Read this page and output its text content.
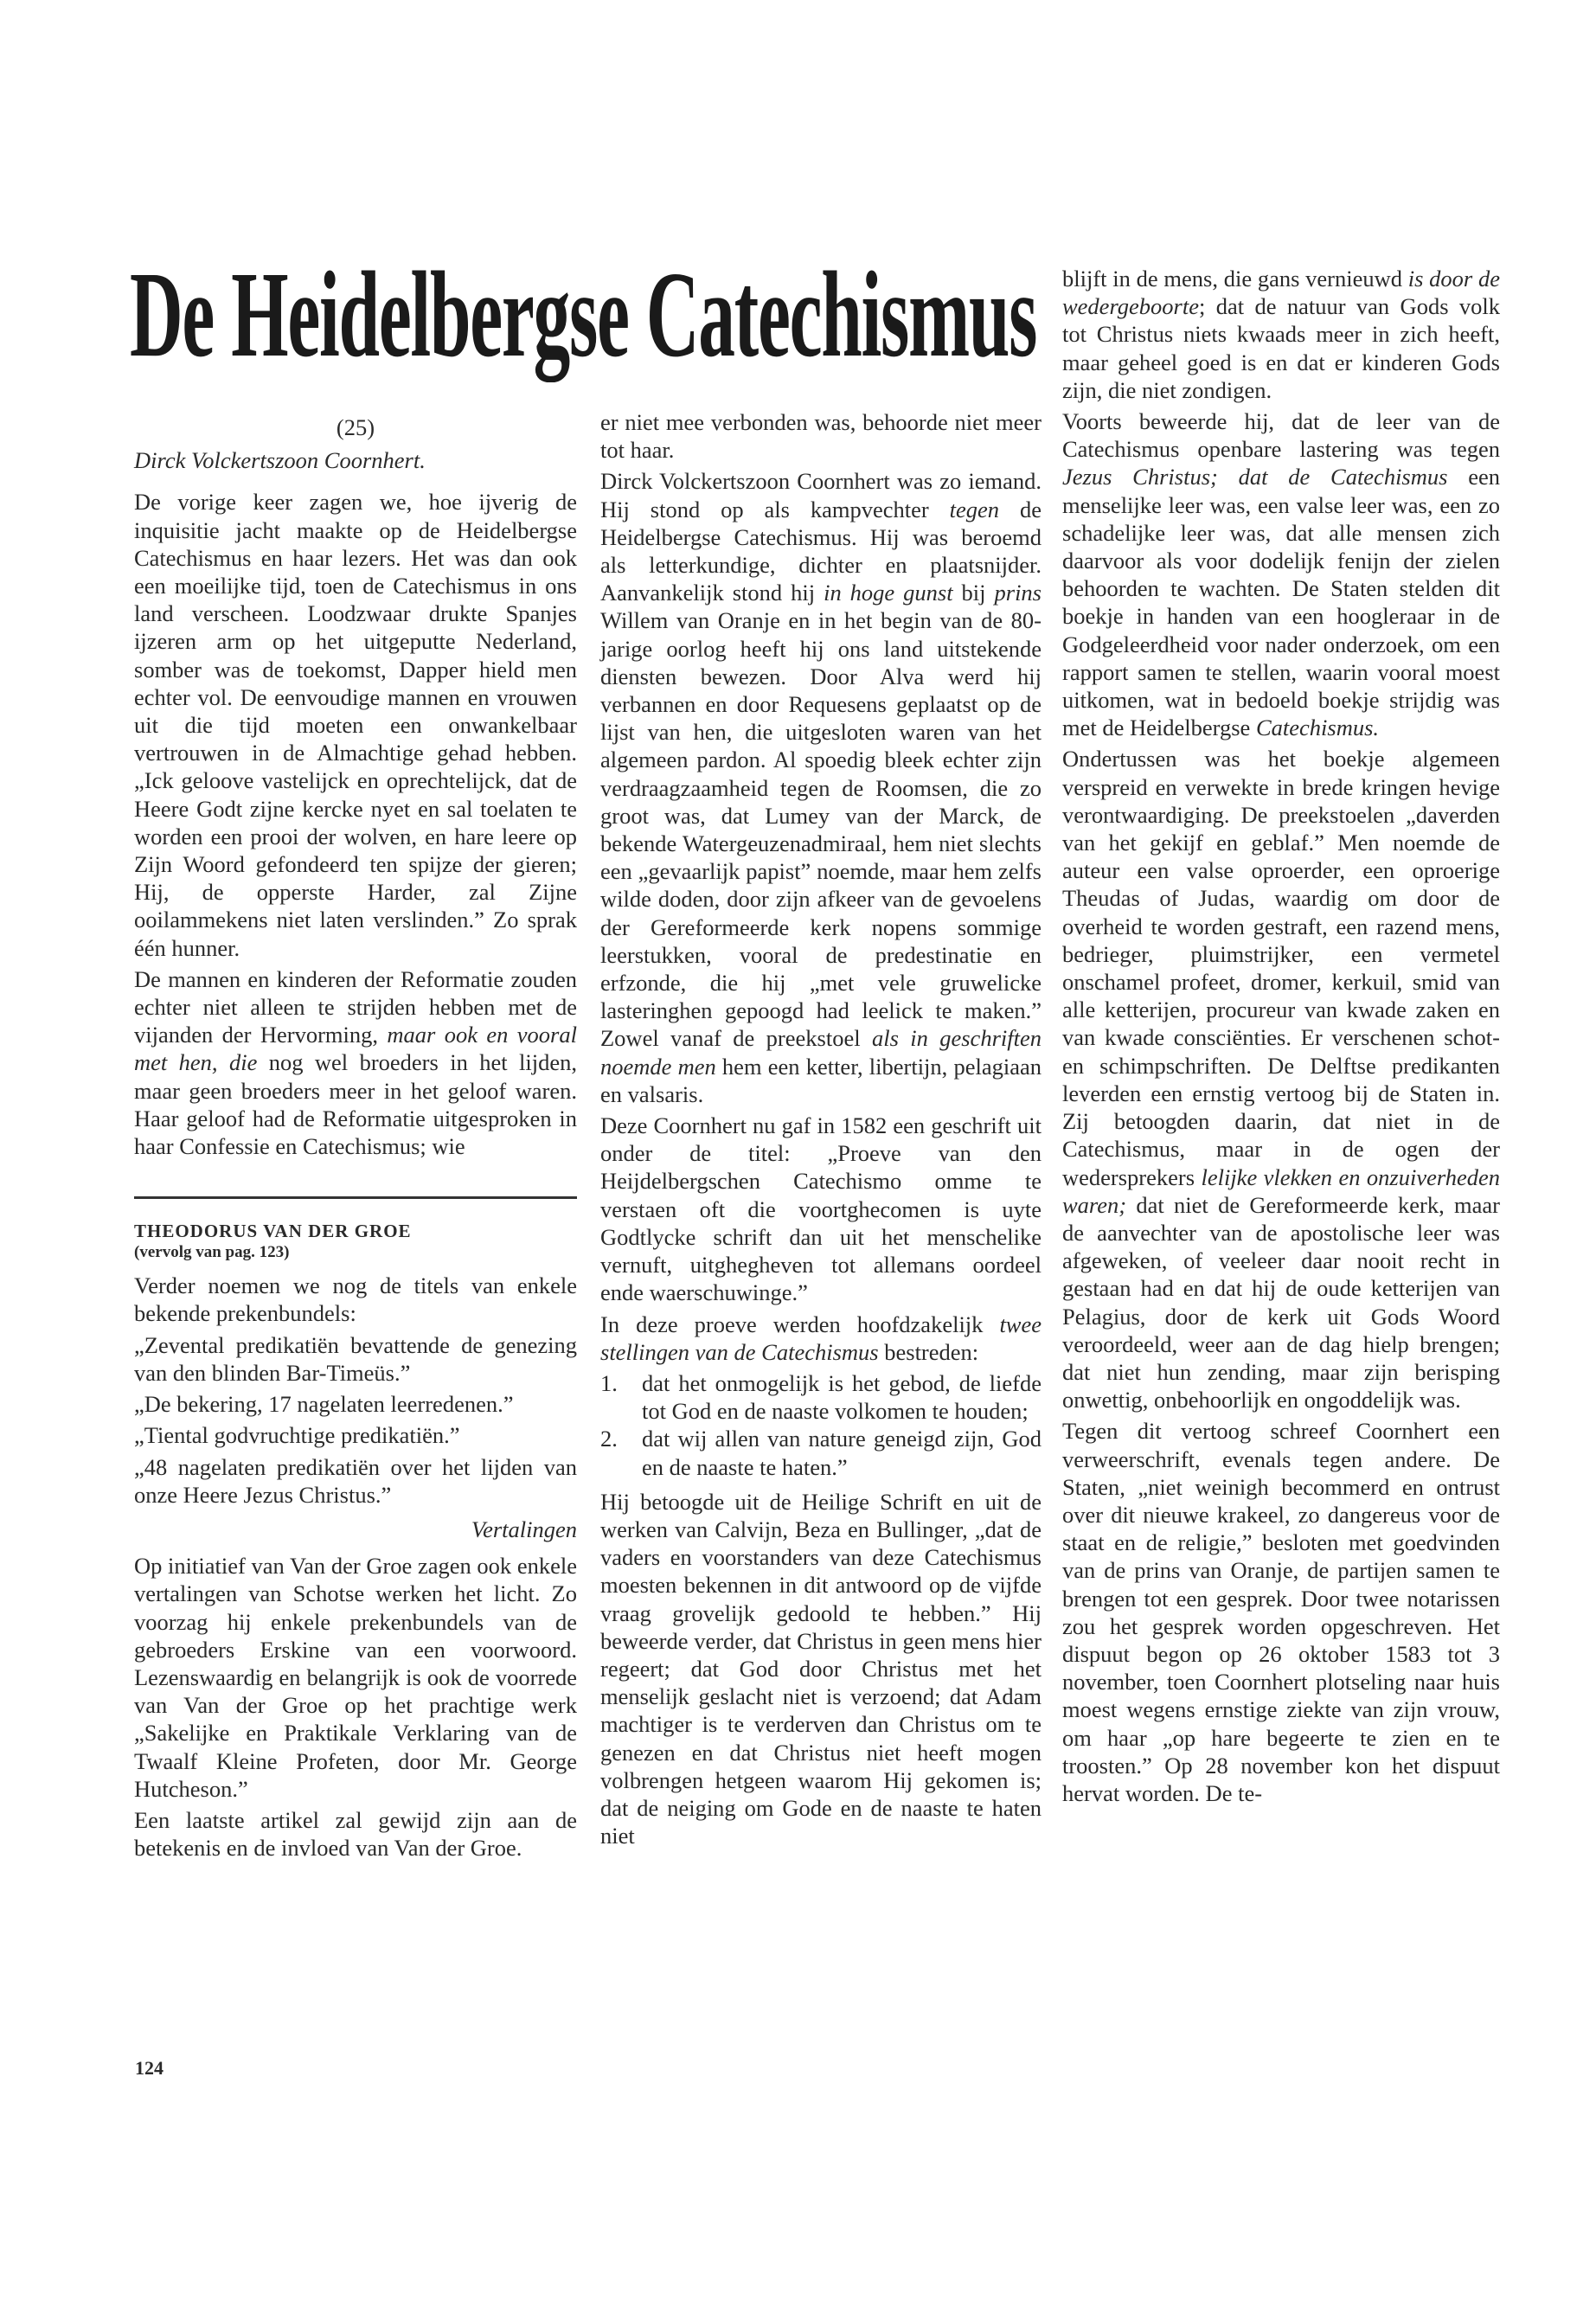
De Heidelbergse Catechismus

(25)

Dirck Volckertszoon Coornhert.

De vorige keer zagen we, hoe ijverig de inquisitie jacht maakte op de Heidelbergse Catechismus en haar lezers. Het was dan ook een moeilijke tijd, toen de Catechismus in ons land verscheen. Loodzwaar drukte Spanjes ijzeren arm op het uitgeputte Nederland, somber was de toekomst, Dapper hield men echter vol. De eenvoudige mannen en vrouwen uit die tijd moeten een onwankelbaar vertrouwen in de Almachtige gehad hebben. „Ick geloove vastelijck en oprechtelijck, dat de Heere Godt zijne kercke nyet en sal toelaten te worden een prooi der wolven, en hare leere op Zijn Woord gefondeerd ten spijze der gieren; Hij, de opperste Harder, zal Zijne ooilammekens niet laten verslinden.” Zo sprak één hunner.

De mannen en kinderen der Reformatie zouden echter niet alleen te strijden hebben met de vijanden der Hervorming, maar ook en vooral met hen, die nog wel broeders in het lijden, maar geen broeders meer in het geloof waren. Haar geloof had de Reformatie uitgesproken in haar Confessie en Catechismus; wie

THEODORUS VAN DER GROE
(vervolg van pag. 123)

Verder noemen we nog de titels van enkele bekende prekenbundels:

„Zevental predikatiën bevattende de genezing van den blinden Bar-Timeüs.”

„De bekering, 17 nagelaten leerredenen.”

„Tiental godvruchtige predikatiën.”

„48 nagelaten predikatiën over het lijden van onze Heere Jezus Christus.”

Vertalingen

Op initiatief van Van der Groe zagen ook enkele vertalingen van Schotse werken het licht. Zo voorzag hij enkele prekenbundels van de gebroeders Erskine van een voorwoord. Lezenswaardig en belangrijk is ook de voorrede van Van der Groe op het prachtige werk „Sakelijke en Praktikale Verklaring van de Twaalf Kleine Profeten, door Mr. George Hutcheson.”

Een laatste artikel zal gewijd zijn aan de betekenis en de invloed van Van der Groe.

er niet mee verbonden was, behoorde niet meer tot haar.

Dirck Volckertszoon Coornhert was zo iemand. Hij stond op als kampvechter tegen de Heidelbergse Catechismus. Hij was beroemd als letterkundige, dichter en plaatsnijder. Aanvankelijk stond hij in hoge gunst bij prins Willem van Oranje en in het begin van de 80-jarige oorlog heeft hij ons land uitstekende diensten bewezen. Door Alva werd hij verbannen en door Requesens geplaatst op de lijst van hen, die uitgesloten waren van het algemeen pardon. Al spoedig bleek echter zijn verdraagzaamheid tegen de Roomsen, die zo groot was, dat Lumey van der Marck, de bekende Watergeuzenadmiraal, hem niet slechts een „gevaarlijk papist” noemde, maar hem zelfs wilde doden, door zijn afkeer van de gevoelens der Gereformeerde kerk nopens sommige leerstukken, vooral de predestinatie en erfzonde, die hij „met vele gruwelicke lasteringhen gepoogd had leelick te maken.” Zowel vanaf de preekstoel als in geschriften noemde men hem een ketter, libertijn, pelagiaan en valsaris.

Deze Coornhert nu gaf in 1582 een geschrift uit onder de titel: „Proeve van den Heijdelbergschen Catechismo omme te verstaen oft die voortghecomen is uyte Godtlycke schrift dan uit het menschelike vernuft, uitghegheven tot allemans oordeel ende waerschuwinge.”

In deze proeve werden hoofdzakelijk twee stellingen van de Catechismus bestreden:

1.	dat het onmogelijk is het gebod, de liefde tot God en de naaste volkomen te houden;
2.	dat wij allen van nature geneigd zijn, God en de naaste te haten.”

Hij betoogde uit de Heilige Schrift en uit de werken van Calvijn, Beza en Bullinger, „dat de vaders en voorstanders van deze Catechismus moesten bekennen in dit antwoord op de vijfde vraag grovelijk gedoold te hebben.” Hij beweerde verder, dat Christus in geen mens hier regeert; dat God door Christus met het menselijk geslacht niet is verzoend; dat Adam machtiger is te verderven dan Christus om te genezen en dat Christus niet heeft mogen volbrengen hetgeen waarom Hij gekomen is; dat de neiging om Gode en de naaste te haten niet

blijft in de mens, die gans vernieuwd is door de wedergeboorte; dat de natuur van Gods volk tot Christus niets kwaads meer in zich heeft, maar geheel goed is en dat er kinderen Gods zijn, die niet zondigen.

Voorts beweerde hij, dat de leer van de Catechismus openbare lastering was tegen Jezus Christus; dat de Catechismus een menselijke leer was, een valse leer was, een zo schadelijke leer was, dat alle mensen zich daarvoor als voor dodelijk fenijn der zielen behoorden te wachten. De Staten stelden dit boekje in handen van een hoogleraar in de Godgeleerdheid voor nader onderzoek, om een rapport samen te stellen, waarin vooral moest uitkomen, wat in bedoeld boekje strijdig was met de Heidelbergse Catechismus.

Ondertussen was het boekje algemeen verspreid en verwekte in brede kringen hevige verontwaardiging. De preekstoelen „daverden van het gekijf en geblaf.” Men noemde de auteur een valse oproerder, een oproerige Theudas of Judas, waardig om door de overheid te worden gestraft, een razend mens, bedrieger, pluimstrijker, een vermetel onschamel profeet, dromer, kerkuil, smid van alle ketterijen, procureur van kwade zaken en van kwade consciënties. Er verschenen schot- en schimpschriften. De Delftse predikanten leverden een ernstig vertoog bij de Staten in. Zij betoogden daarin, dat niet in de Catechismus, maar in de ogen der wedersprekers lelijke vlekken en onzuiverheden waren; dat niet de Gereformeerde kerk, maar de aanvechter van de apostolische leer was afgeweken, of veeleer daar nooit recht in gestaan had en dat hij de oude ketterijen van Pelagius, door de kerk uit Gods Woord veroordeeld, weer aan de dag hielp brengen; dat niet hun zending, maar zijn berisping onwettig, onbehoorlijk en ongoddelijk was.

Tegen dit vertoog schreef Coornhert een verweerschrift, evenals tegen andere. De Staten, „niet weinigh becommerd en ontrust over dit nieuwe krakeel, zo dangereus voor de staat en de religie,” besloten met goedvinden van de prins van Oranje, de partijen samen te brengen tot een gesprek. Door twee notarissen zou het gesprek worden opgeschreven. Het dispuut begon op 26 oktober 1583 tot 3 november, toen Coornhert plotseling naar huis moest wegens ernstige ziekte van zijn vrouw, om haar „op hare begeerte te zien en te troosten.” Op 28 november kon het dispuut hervat worden. De te-

124
